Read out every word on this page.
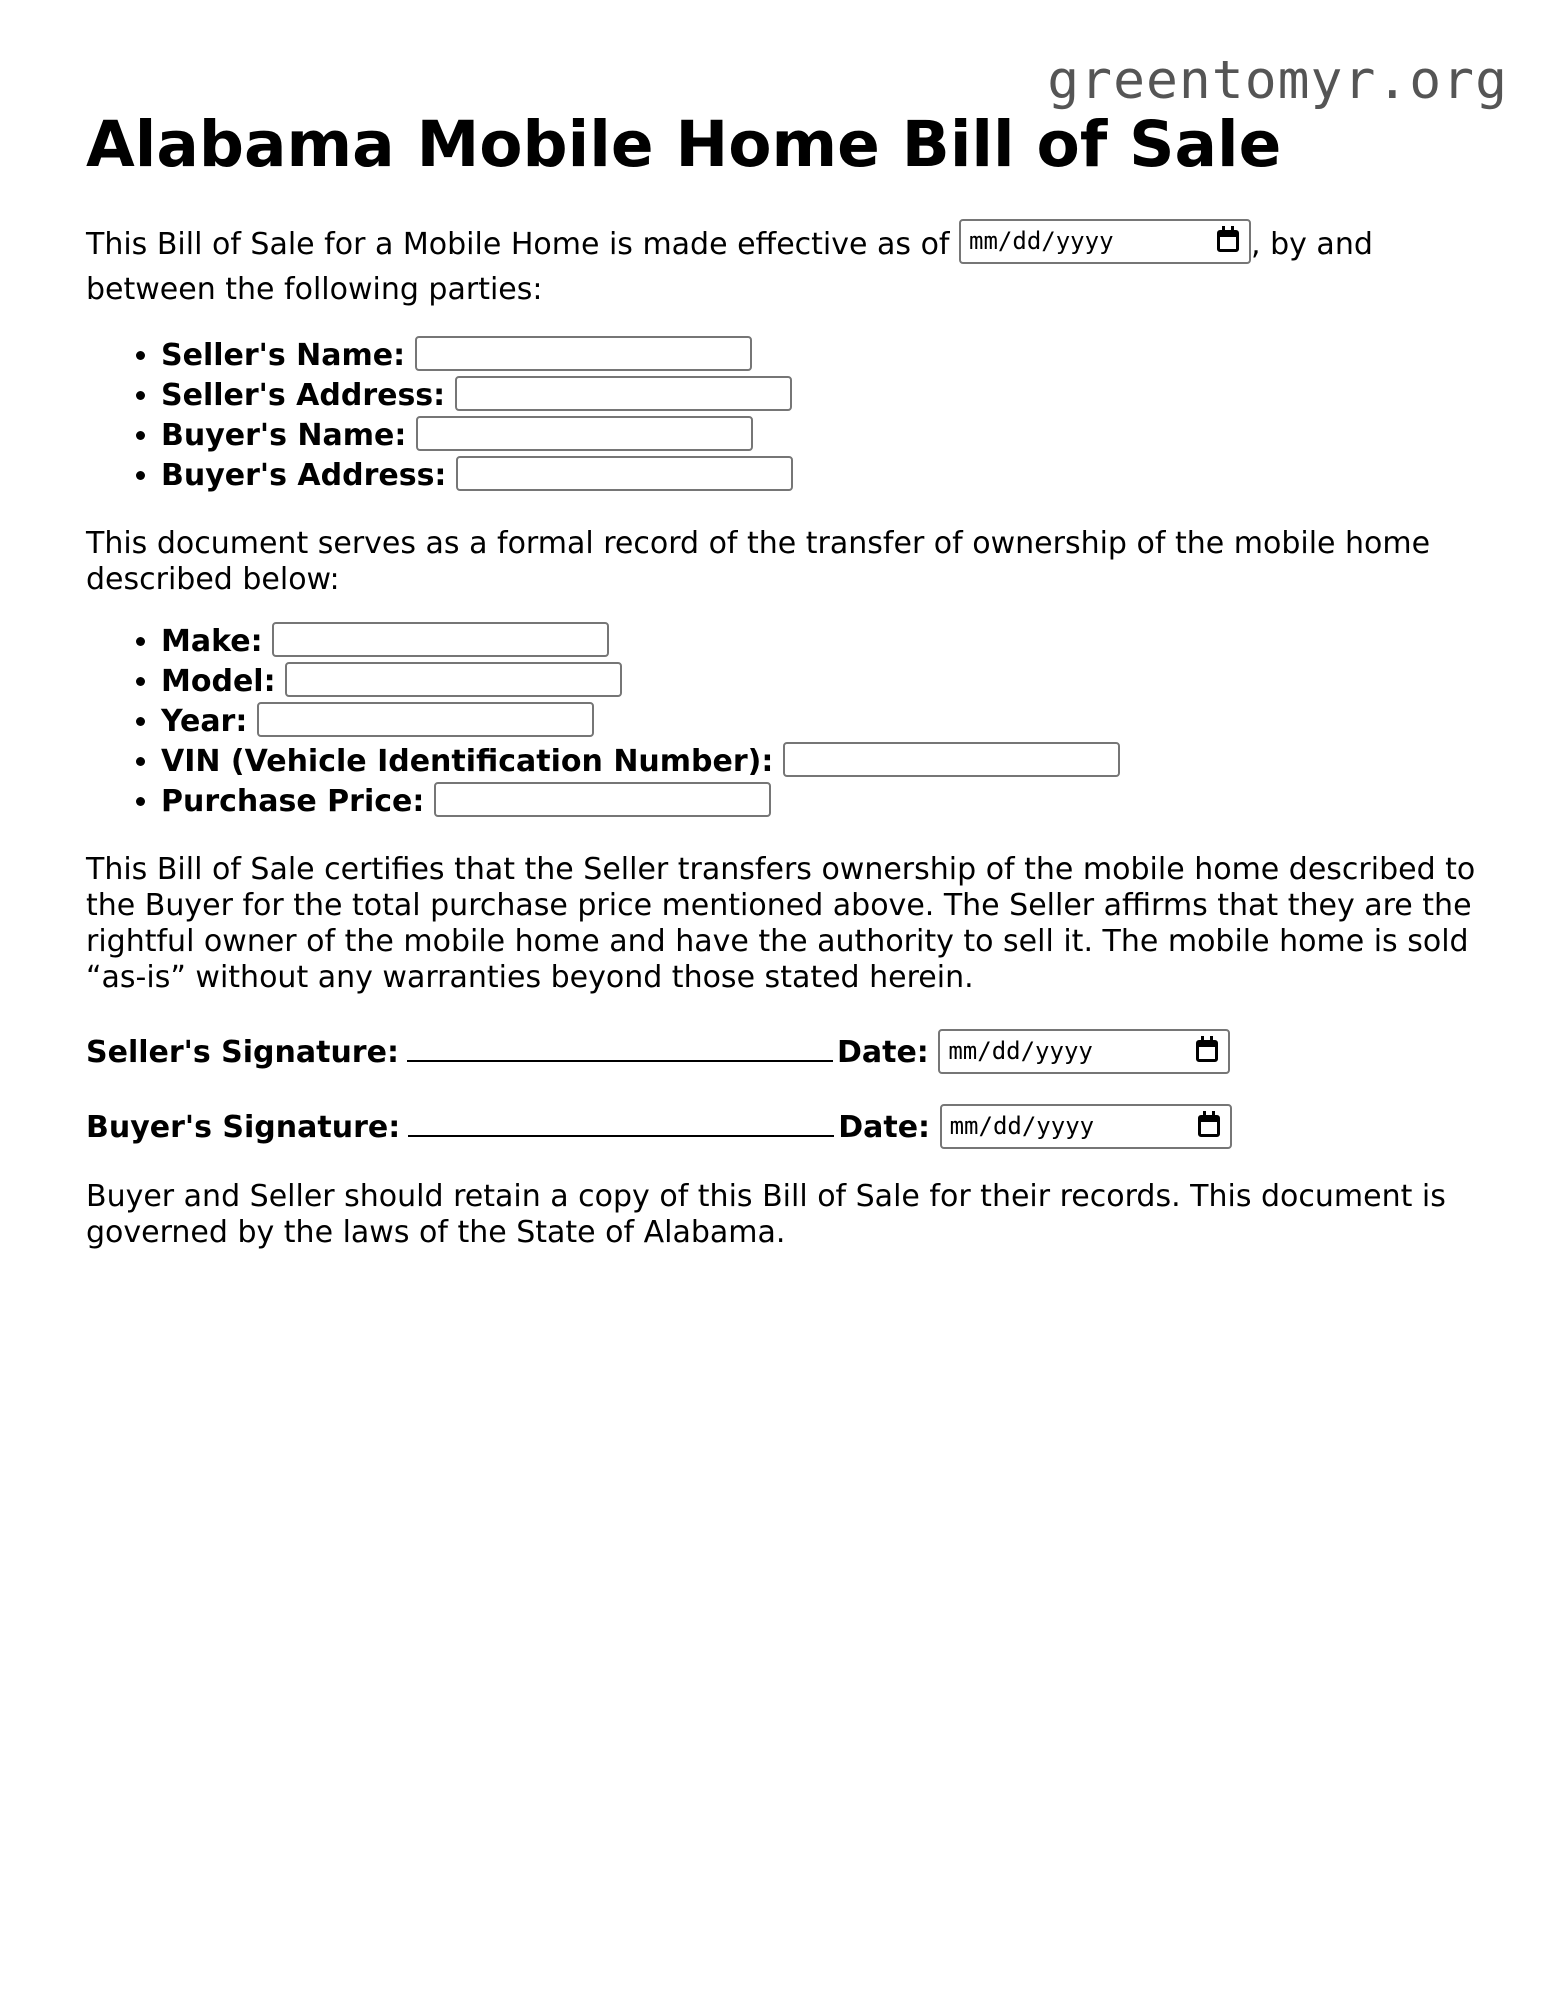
greentomyr.org
Alabama Mobile Home Bill of Sale

This Bill of Sale for a Mobile Home is made effective as of mm/dd/yyyy	, by and between the following parties:

• Seller's Name:
• Seller's Address:
• Buyer's Name:
• Buyer's Address:

This document serves as a formal record of the transfer of ownership of the mobile home described below:

• Make:
• Model:
• Year:
• VIN (Vehicle Identification Number):
• Purchase Price:

This Bill of Sale certifies that the Seller transfers ownership of the mobile home described to the Buyer for the total purchase price mentioned above. The Seller affirms that they are the rightful owner of the mobile home and have the authority to sell it. The mobile home is sold “as-is” without any warranties beyond those stated herein.

Seller's Signature:	Date: mm/dd/yyyy
Buyer's Signature:	Date: mm/dd/yyyy

Buyer and Seller should retain a copy of this Bill of Sale for their records. This document is governed by the laws of the State of Alabama.
